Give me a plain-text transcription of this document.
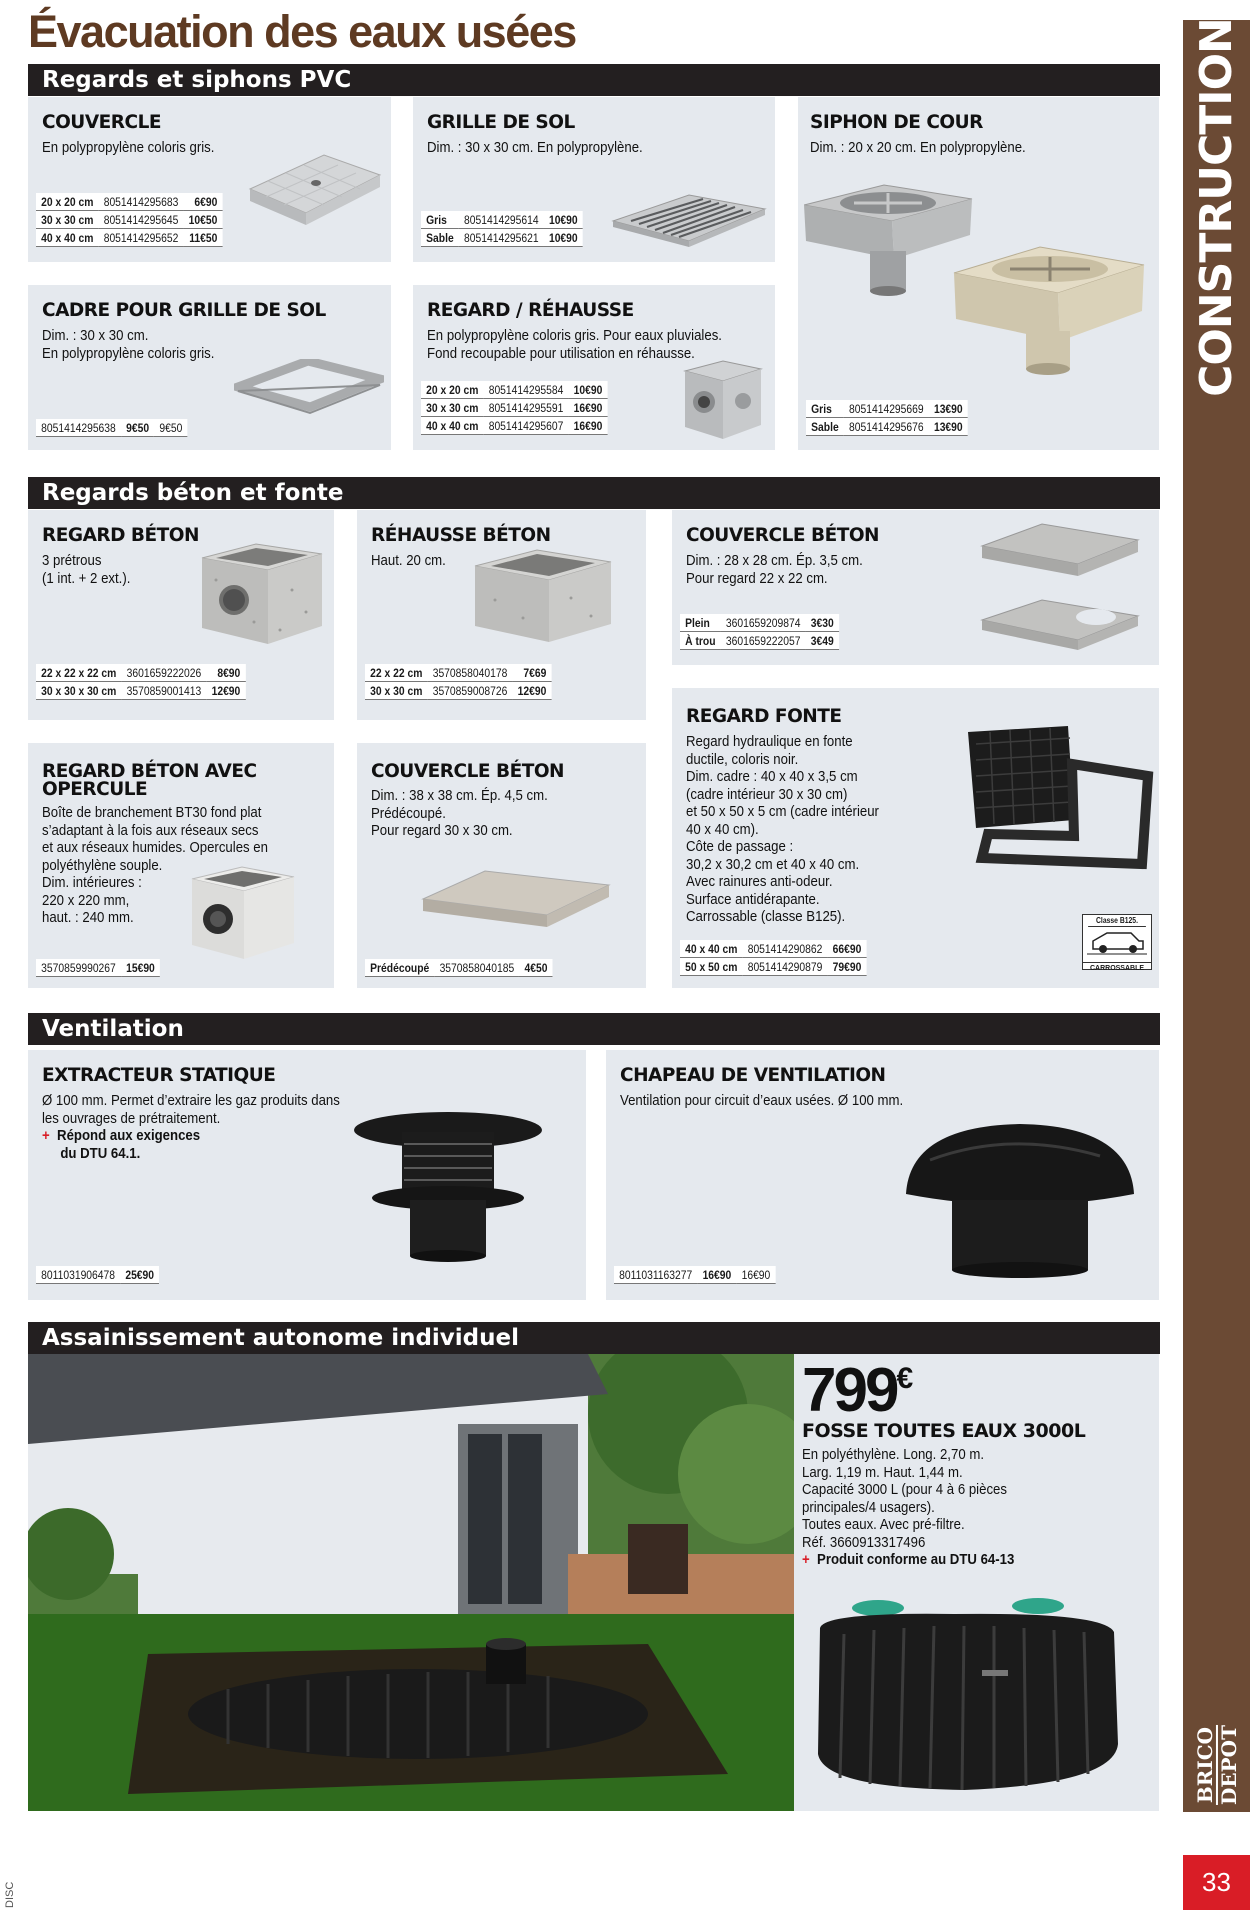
Évacuation des eaux usées	CONSTRUCTION
BRICO DEPOT
33
DISC
Regards et siphons PVC
Regards béton et fonte
Ventilation
Assainissement autonome individuel
COUVERCLE
En polypropylène coloris gris.
20 x 20 cm	8051414295683	6€90
30 x 30 cm	8051414295645	10€50
40 x 40 cm	8051414295652	11€50
GRILLE DE SOL
Dim. : 30 x 30 cm. En polypropylène.
Gris	8051414295614	10€90
Sable	8051414295621	10€90
SIPHON DE COUR
Dim. : 20 x 20 cm. En polypropylène.
Gris	8051414295669	13€90
Sable	8051414295676	13€90
CADRE POUR GRILLE DE SOL
Dim. : 30 x 30 cm.
En polypropylène coloris gris.
8051414295638	9€50	9€50
REGARD / RÉHAUSSE
En polypropylène coloris gris. Pour eaux pluviales.
Fond recoupable pour utilisation en réhausse.
20 x 20 cm	8051414295584	10€90
30 x 30 cm	8051414295591	16€90
40 x 40 cm	8051414295607	16€90
REGARD BÉTON
3 prétrous
(1 int. + 2 ext.).
22 x 22 x 22 cm	3601659222026	8€90
30 x 30 x 30 cm	3570859001413	12€90
RÉHAUSSE BÉTON
Haut. 20 cm.
22 x 22 cm	3570858040178	7€69
30 x 30 cm	3570859008726	12€90
COUVERCLE BÉTON
Dim. : 28 x 28 cm. Ép. 3,5 cm.
Pour regard 22 x 22 cm.
Plein	3601659209874	3€30
À trou	3601659222057	3€49
REGARD BÉTON AVEC
OPERCULE
Boîte de branchement BT30 fond plat
s’adaptant à la fois aux réseaux secs
et aux réseaux humides. Opercules en
polyéthylène souple.
Dim. intérieures :
220 x 220 mm,
haut. : 240 mm.
3570859990267	15€90
COUVERCLE BÉTON
Dim. : 38 x 38 cm. Ép. 4,5 cm.
Prédécoupé.
Pour regard 30 x 30 cm.
Prédécoupé	3570858040185	4€50
REGARD FONTE
Regard hydraulique en fonte
ductile, coloris noir.
Dim. cadre : 40 x 40 x 3,5 cm
(cadre intérieur 30 x 30 cm)
et 50 x 50 x 5 cm (cadre intérieur
40 x 40 cm).
Côte de passage :
30,2 x 30,2 cm et 40 x 40 cm.
Avec rainures anti-odeur.
Surface antidérapante.
Carrossable (classe B125).	Classe B125.
CARROSSABLE
40 x 40 cm	8051414290862	66€90
50 x 50 cm	8051414290879	79€90
EXTRACTEUR STATIQUE
Ø 100 mm. Permet d’extraire les gaz produits dans
les ouvrages de prétraitement.
+ Répond aux exigences
du DTU 64.1.
8011031906478	25€90
CHAPEAU DE VENTILATION
Ventilation pour circuit d’eaux usées. Ø 100 mm.
8011031163277	16€90	16€90
799€
FOSSE TOUTES EAUX 3000L
En polyéthylène. Long. 2,70 m.
Larg. 1,19 m. Haut. 1,44 m.
Capacité 3000 L (pour 4 à 6 pièces
principales/4 usagers).
Toutes eaux. Avec pré-filtre.
Réf. 3660913317496
+ Produit conforme au DTU 64-13
